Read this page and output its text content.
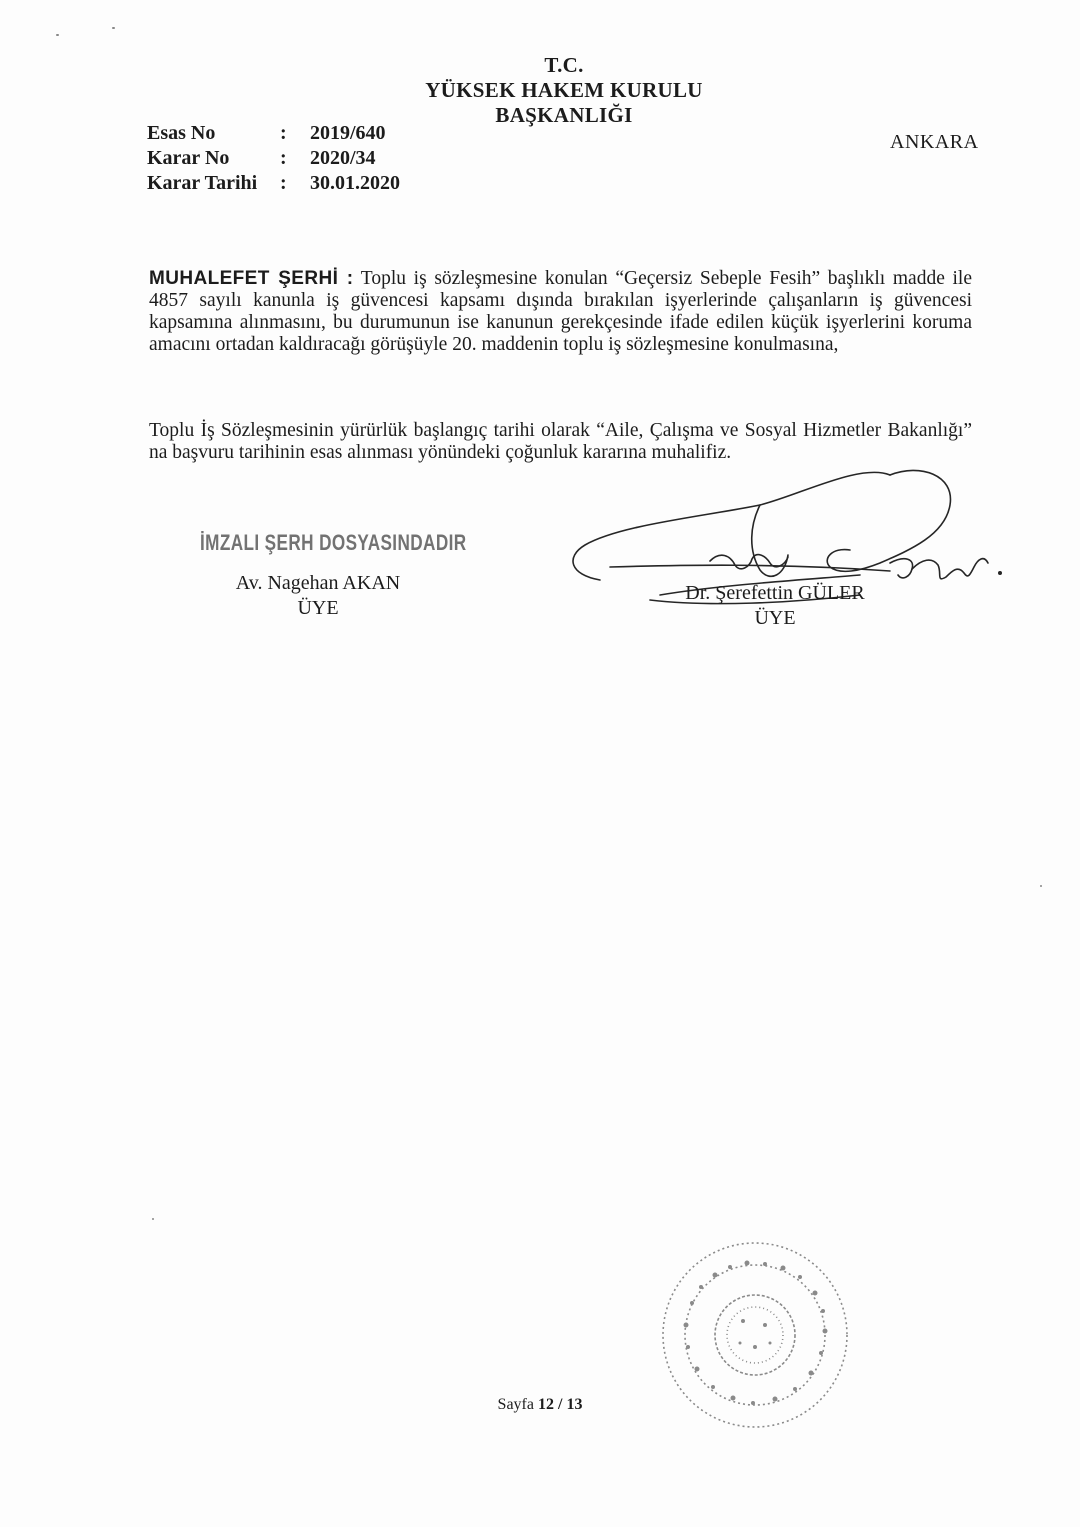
T.C.
YÜKSEK HAKEM KURULU
BAŞKANLIĞI
Esas No	:	2019/640
Karar No	:	2020/34
Karar Tarihi	:	30.01.2020
ANKARA
MUHALEFET ŞERHİ : Toplu iş sözleşmesine konulan “Geçersiz Sebeple Fesih” başlıklı madde ile 4857 sayılı kanunla iş güvencesi kapsamı dışında bırakılan işyerlerinde çalışanların iş güvencesi kapsamına alınmasını, bu durumunun ise kanunun gerekçesinde ifade edilen küçük işyerlerini koruma amacını ortadan kaldıracağı görüşüyle 20. maddenin toplu iş sözleşmesine konulmasına,
Toplu İş Sözleşmesinin yürürlük başlangıç tarihi olarak “Aile, Çalışma ve Sosyal Hizmetler Bakanlığı” na başvuru tarihinin esas alınması yönündeki çoğunluk kararına muhalifiz.
İMZALI ŞERH DOSYASINDADIR
Av. Nagehan AKAN
ÜYE
Dr. Şerefettin GÜLER
ÜYE
Sayfa 12 / 13
